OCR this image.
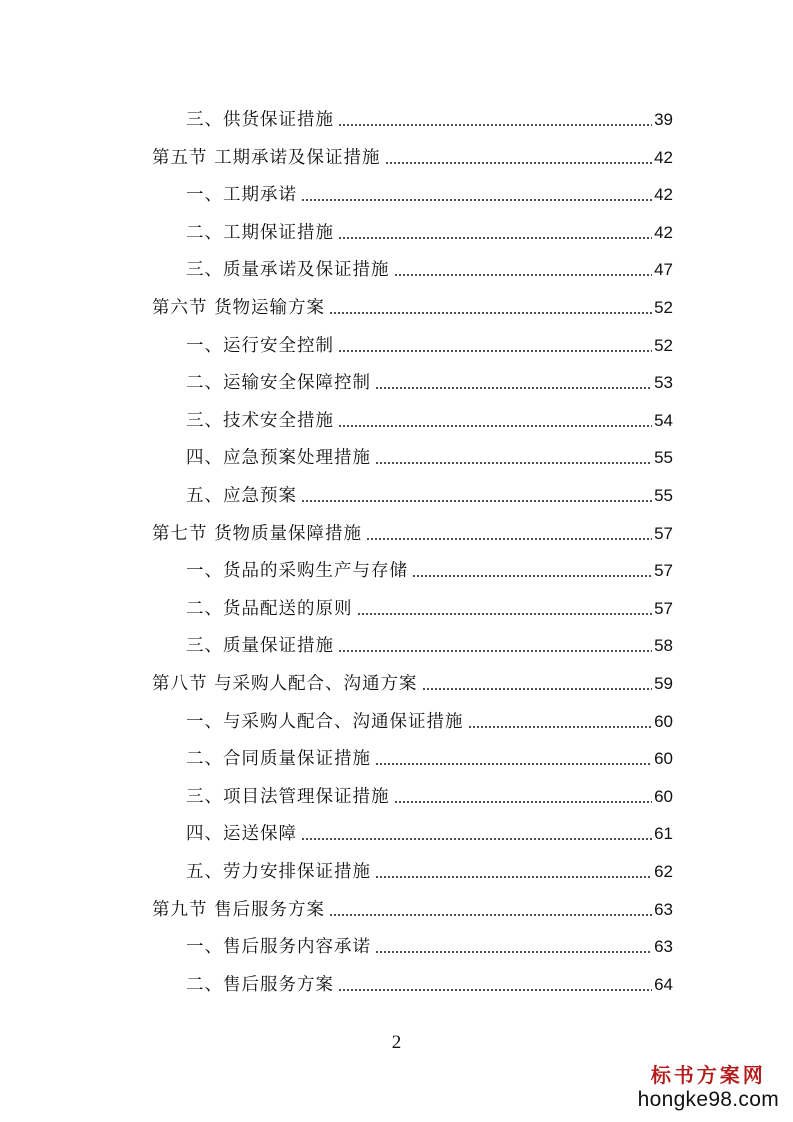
三、供货保证措施	39
第五节 工期承诺及保证措施	42
一、工期承诺	42
二、工期保证措施	42
三、质量承诺及保证措施	47
第六节 货物运输方案	52
一、运行安全控制	52
二、运输安全保障控制	53
三、技术安全措施	54
四、应急预案处理措施	55
五、应急预案	55
第七节 货物质量保障措施	57
一、货品的采购生产与存储	57
二、货品配送的原则	57
三、质量保证措施	58
第八节 与采购人配合、沟通方案	59
一、与采购人配合、沟通保证措施	60
二、合同质量保证措施	60
三、项目法管理保证措施	60
四、运送保障	61
五、劳力安排保证措施	62
第九节 售后服务方案	63
一、售后服务内容承诺	63
二、售后服务方案	64
2
标书方案网
hongke98.com
